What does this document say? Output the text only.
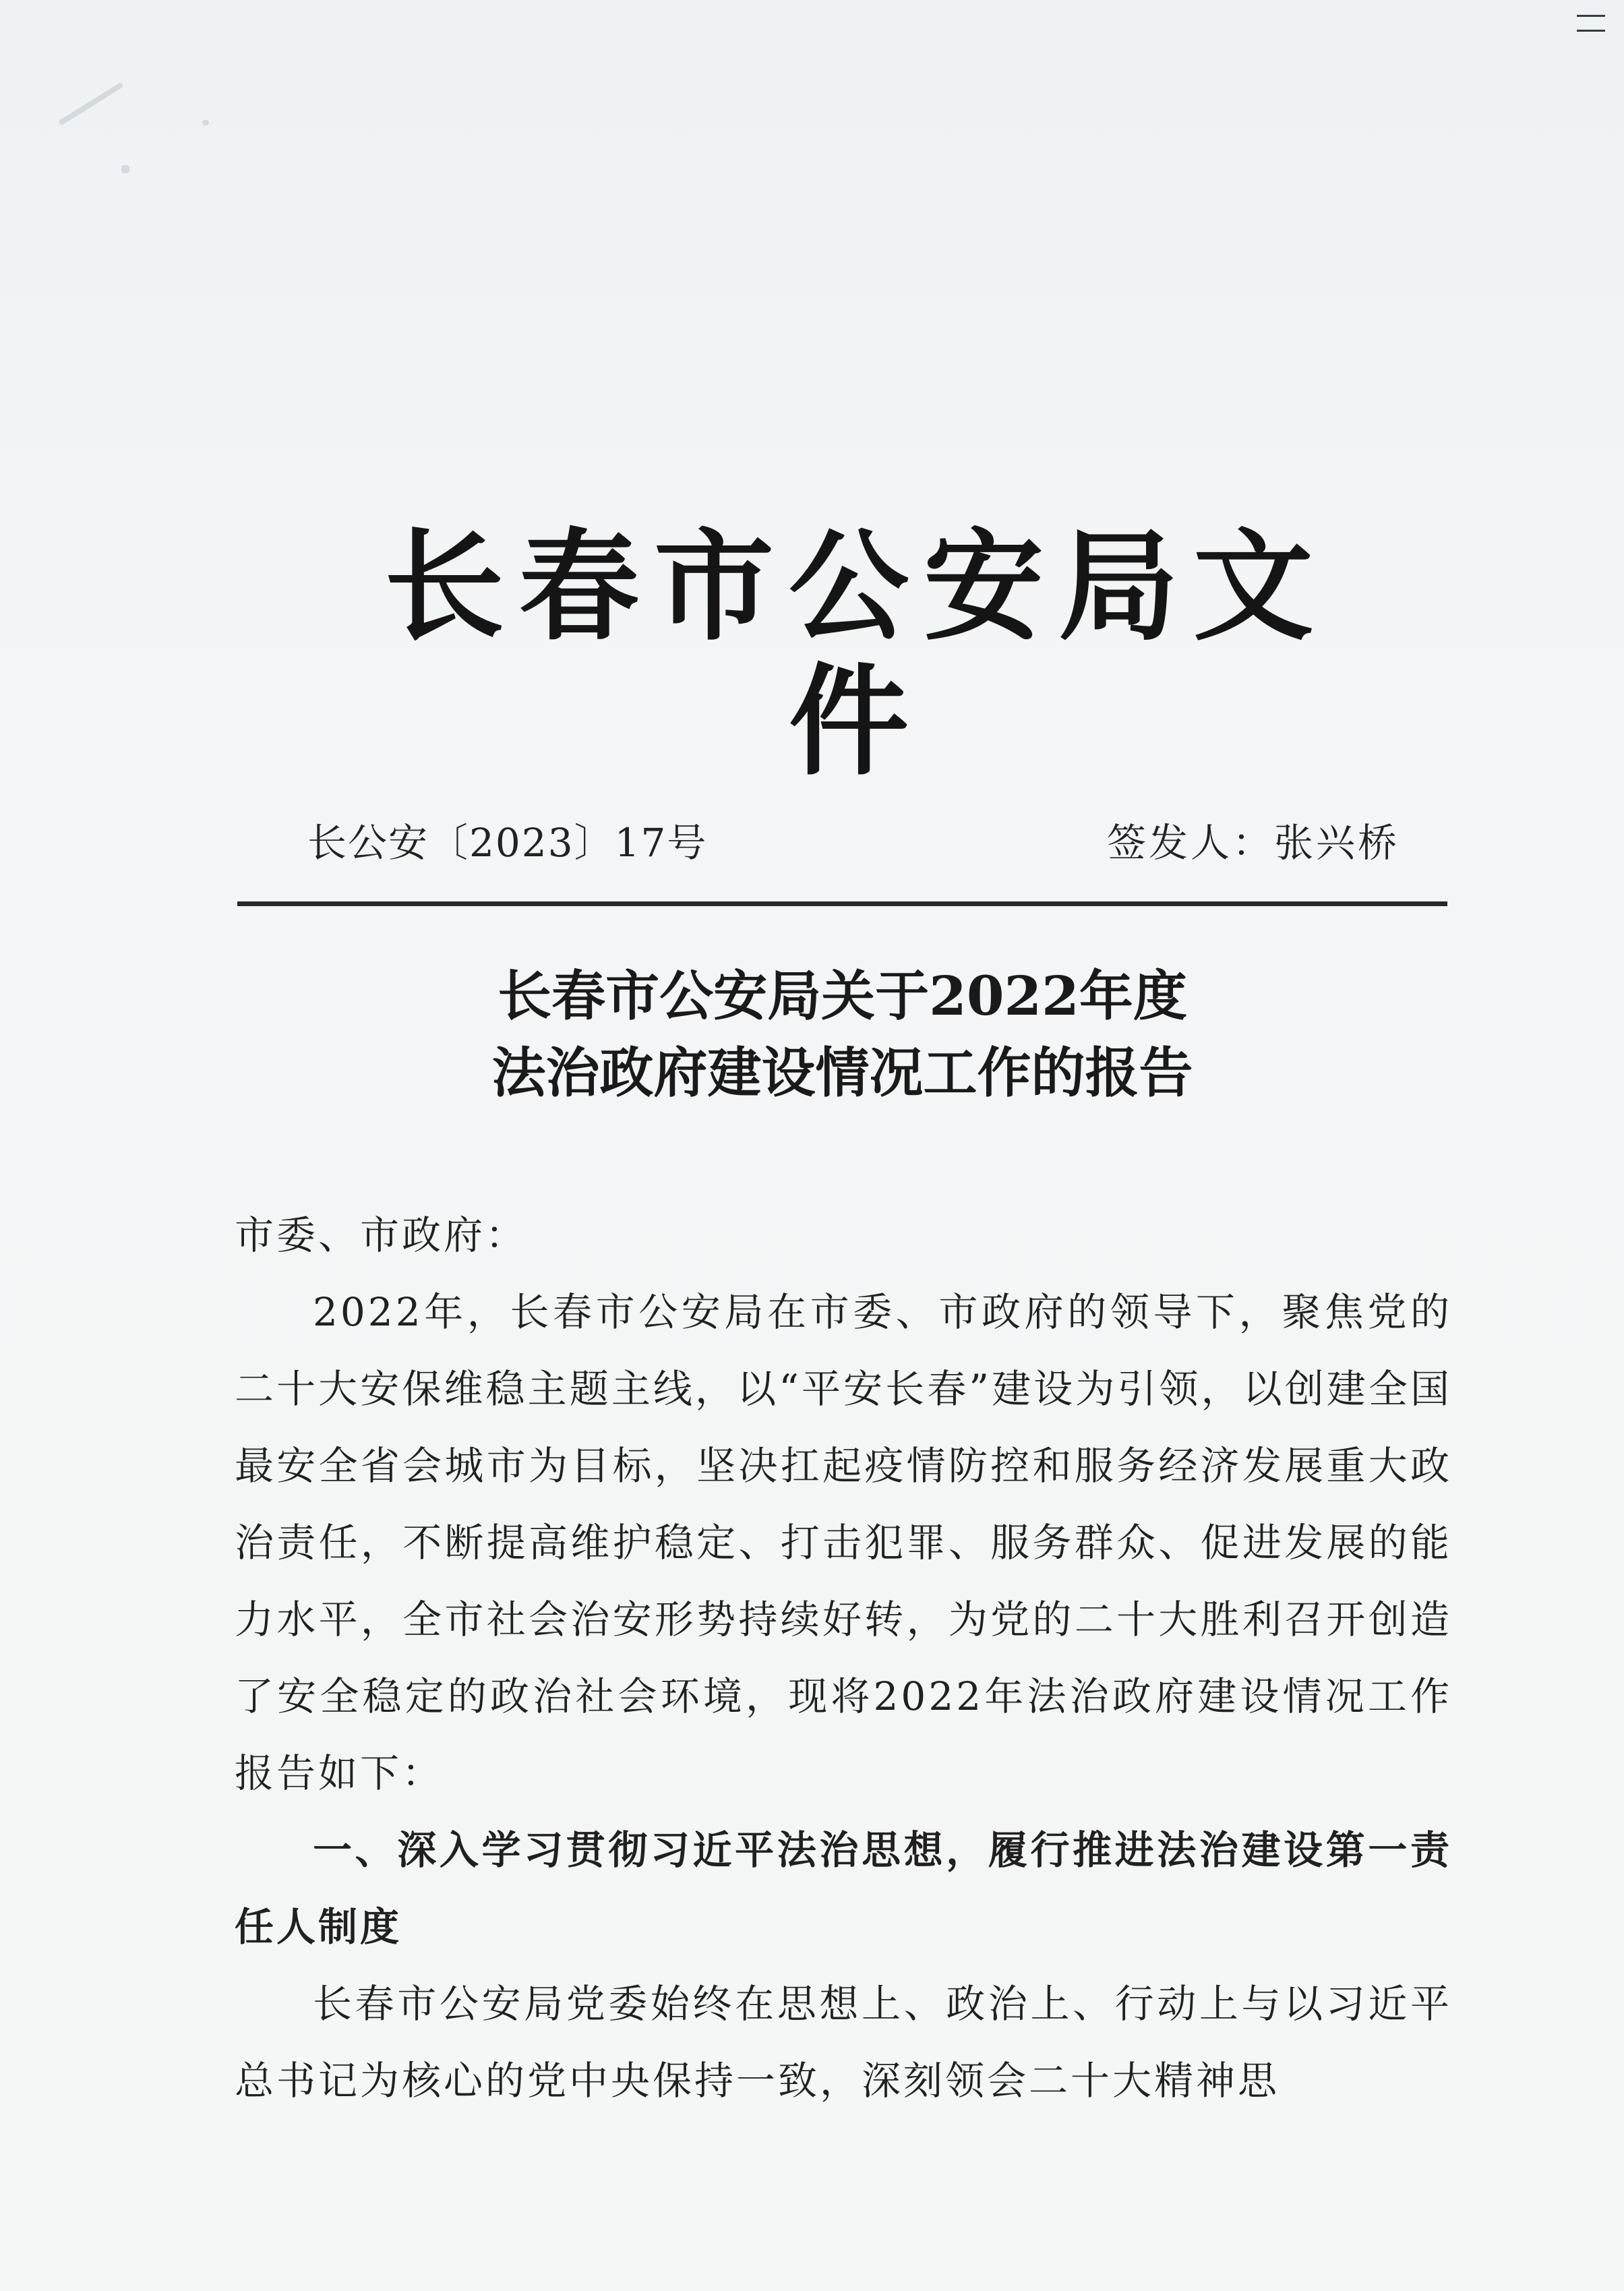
长春市公安局文件
长公安〔2023〕17号	签发人：张兴桥
长春市公安局关于2022年度
法治政府建设情况工作的报告
市委、市政府：
2022年，长春市公安局在市委、市政府的领导下，聚焦党的二十大安保维稳主题主线，以“平安长春”建设为引领，以创建全国最安全省会城市为目标，坚决扛起疫情防控和服务经济发展重大政治责任，不断提高维护稳定、打击犯罪、服务群众、促进发展的能力水平，全市社会治安形势持续好转，为党的二十大胜利召开创造了安全稳定的政治社会环境，现将2022年法治政府建设情况工作报告如下：
一、深入学习贯彻习近平法治思想，履行推进法治建设第一责任人制度
长春市公安局党委始终在思想上、政治上、行动上与以习近平总书记为核心的党中央保持一致，深刻领会二十大精神思
